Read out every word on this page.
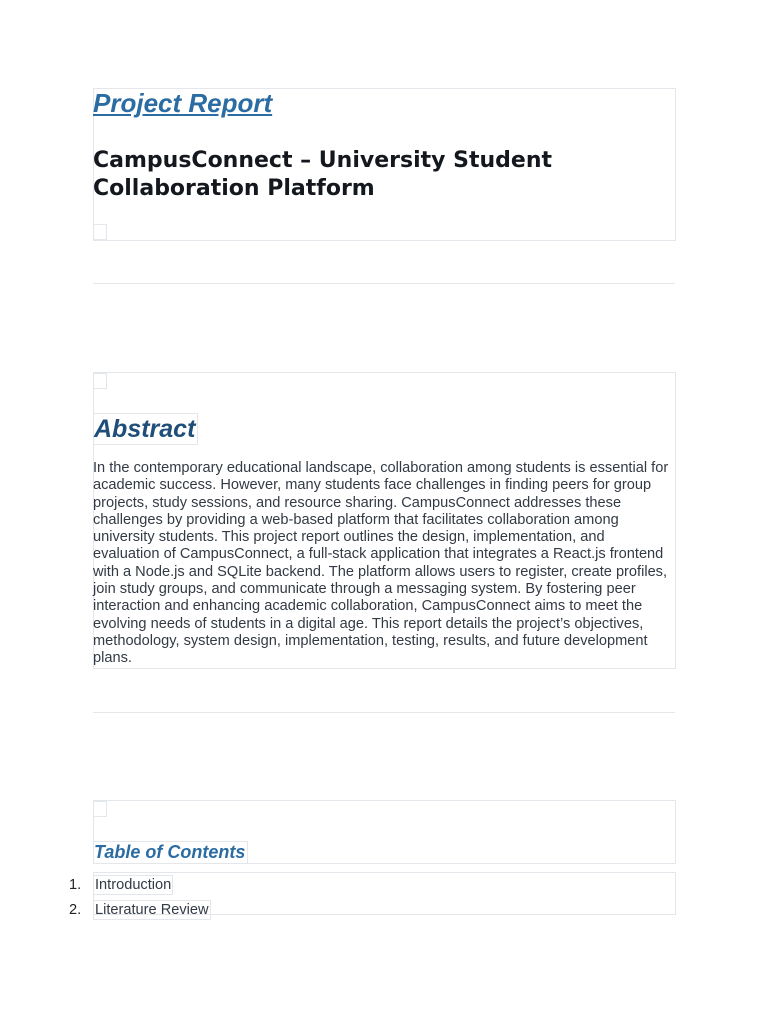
Project Report
CampusConnect – University Student Collaboration Platform
Abstract

In the contemporary educational landscape, collaboration among students is essential for academic success. However, many students face challenges in finding peers for group projects, study sessions, and resource sharing. CampusConnect addresses these challenges by providing a web-based platform that facilitates collaboration among university students. This project report outlines the design, implementation, and evaluation of CampusConnect, a full-stack application that integrates a React.js frontend with a Node.js and SQLite backend. The platform allows users to register, create profiles, join study groups, and communicate through a messaging system. By fostering peer interaction and enhancing academic collaboration, CampusConnect aims to meet the evolving needs of students in a digital age. This report details the project’s objectives, methodology, system design, implementation, testing, results, and future development plans.

Table of Contents
1. Introduction
2. Literature Review
